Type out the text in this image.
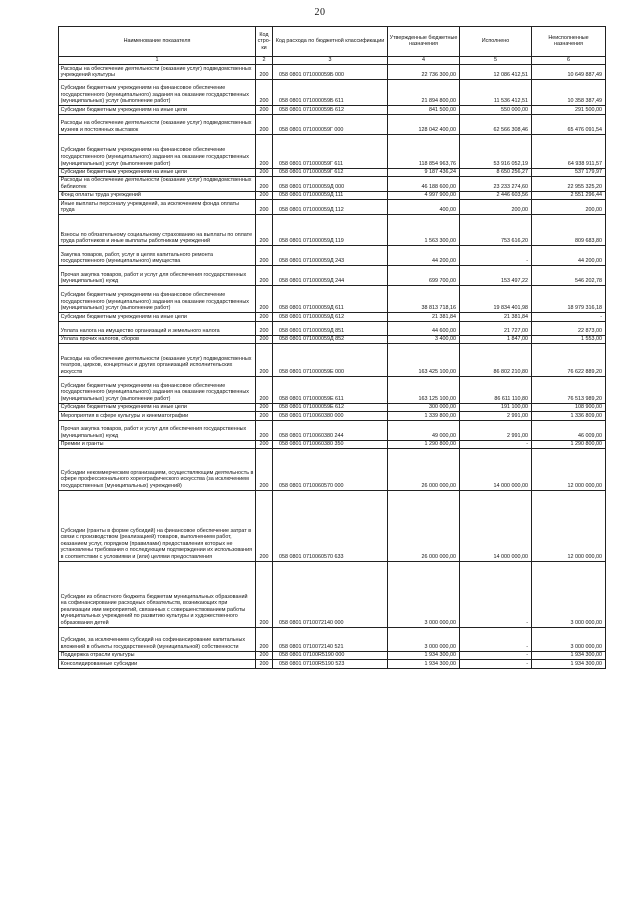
20
Наименование показателя	Код стро-ки	Код расхода по бюджетной классификации	Утвержденные бюджетные назначения	Исполнено	Неисполненные назначения
1	2	3	4	5	6
Расходы на обеспечение деятельности (оказание услуг) подведомственных учреждений культуры	200	058 0801 071000059Б 000	22 736 300,00	12 086 412,51	10 649 887,49
Субсидии бюджетным учреждениям на финансовое обеспечение государственного (муниципального) задания на оказание государственных (муниципальных) услуг (выполнение работ)	200	058 0801 071000059Б 611	21 894 800,00	11 536 412,51	10 358 387,49
Субсидии бюджетным учреждениям на иные цели	200	058 0801 071000059Б 612	841 500,00	550 000,00	291 500,00
Расходы на обеспечение деятельности (оказание услуг) подведомственных музеев и постоянных выставок	200	058 0801 071000059Г 000	128 042 400,00	62 566 308,46	65 476 091,54
Субсидии бюджетным учреждениям на финансовое обеспечение государственного (муниципального) задания на оказание государственных (муниципальных) услуг (выполнение работ)	200	058 0801 071000059Г 611	118 854 963,76	53 916 052,19	64 938 911,57
Субсидии бюджетным учреждениям на иные цели	200	058 0801 071000059Г 612	9 187 436,24	8 650 256,27	537 179,97
Расходы на обеспечение деятельности (оказание услуг) подведомственных библиотек	200	058 0801 071000059Д 000	46 188 600,00	23 233 274,60	22 955 325,20
Фонд оплаты труда учреждений	200	058 0801 071000059Д 111	4 997 900,00	2 446 603,56	2 551 296,44
Иные выплаты персоналу учреждений, за исключением фонда оплаты труда	200	058 0801 071000059Д 112	400,00	200,00	200,00
Взносы по обязательному социальному страхованию на выплаты по оплате труда работников и иные выплаты работникам учреждений	200	058 0801 071000059Д 119	1 563 300,00	753 616,20	809 683,80
Закупка товаров, работ, услуг в целях капитального ремонта государственного (муниципального) имущества	200	058 0801 071000059Д 243	44 200,00	-	44 200,00
Прочая закупка товаров, работ и услуг для обеспечения государственных (муниципальных) нужд	200	058 0801 071000059Д 244	699 700,00	153 497,22	546 202,78
Субсидии бюджетным учреждениям на финансовое обеспечение государственного (муниципального) задания на оказание государственных (муниципальных) услуг (выполнение работ)	200	058 0801 071000059Д 611	38 813 718,16	19 834 401,98	18 979 316,18
Субсидии бюджетным учреждениям на иные цели	200	058 0801 071000059Д 612	21 381,84	21 381,84	-
Уплата налога на имущество организаций и земельного налога	200	058 0801 071000059Д 851	44 600,00	21 727,00	22 873,00
Уплата прочих налогов, сборов	200	058 0801 071000059Д 852	3 400,00	1 847,00	1 553,00
Расходы на обеспечение деятельности (оказание услуг) подведомственных театров, цирков, концертных и других организаций исполнительских искусств	200	058 0801 071000059Е 000	163 425 100,00	86 802 210,80	76 622 889,20
Субсидии бюджетным учреждениям на финансовое обеспечение государственного (муниципального) задания на оказание государственных (муниципальных) услуг (выполнение работ)	200	058 0801 071000059Е 611	163 125 100,00	86 611 110,80	76 513 989,20
Субсидии бюджетным учреждениям на иные цели	200	058 0801 071000059Е 612	300 000,00	191 100,00	108 900,00
Мероприятия в сфере культуры и кинематографии	200	058 0801 0710060380 000	1 339 800,00	2 991,00	1 336 809,00
Прочая закупка товаров, работ и услуг для обеспечения государственных (муниципальных) нужд	200	058 0801 0710060380 244	49 000,00	2 991,00	46 009,00
Премии и гранты	200	058 0801 0710060380 350	1 290 800,00	-	1 290 800,00
Субсидии некоммерческим организациям, осуществляющим деятельность в сфере профессионального хореографического искусства (за исключением государственных (муниципальных) учреждений)	200	058 0801 0710060570 000	26 000 000,00	14 000 000,00	12 000 000,00
Субсидии (гранты в форме субсидий) на финансовое обеспечение затрат в связи с производством (реализацией) товаров, выполнением работ, оказанием услуг, порядком (правилами) предоставления которых не установлены требования о последующем подтверждении их использования в соответствии с условиями и (или) целями предоставления	200	058 0801 0710060570 633	26 000 000,00	14 000 000,00	12 000 000,00
Субсидии из областного бюджета бюджетам муниципальных образований на софинансирование расходных обязательств, возникающих при реализации ими мероприятий, связанных с совершенствованием работы муниципальных учреждений по развитию культуры и художественного образования детей	200	058 0801 0710072140 000	3 000 000,00	-	3 000 000,00
Субсидии, за исключением субсидий на софинансирование капитальных вложений в объекты государственной (муниципальной) собственности	200	058 0801 0710072140 521	3 000 000,00	-	3 000 000,00
Поддержка отрасли культуры	200	058 0801 07100R5190 000	1 934 300,00	-	1 934 300,00
Консолидированные субсидии	200	058 0801 07100R5190 523	1 934 300,00	-	1 934 300,00
